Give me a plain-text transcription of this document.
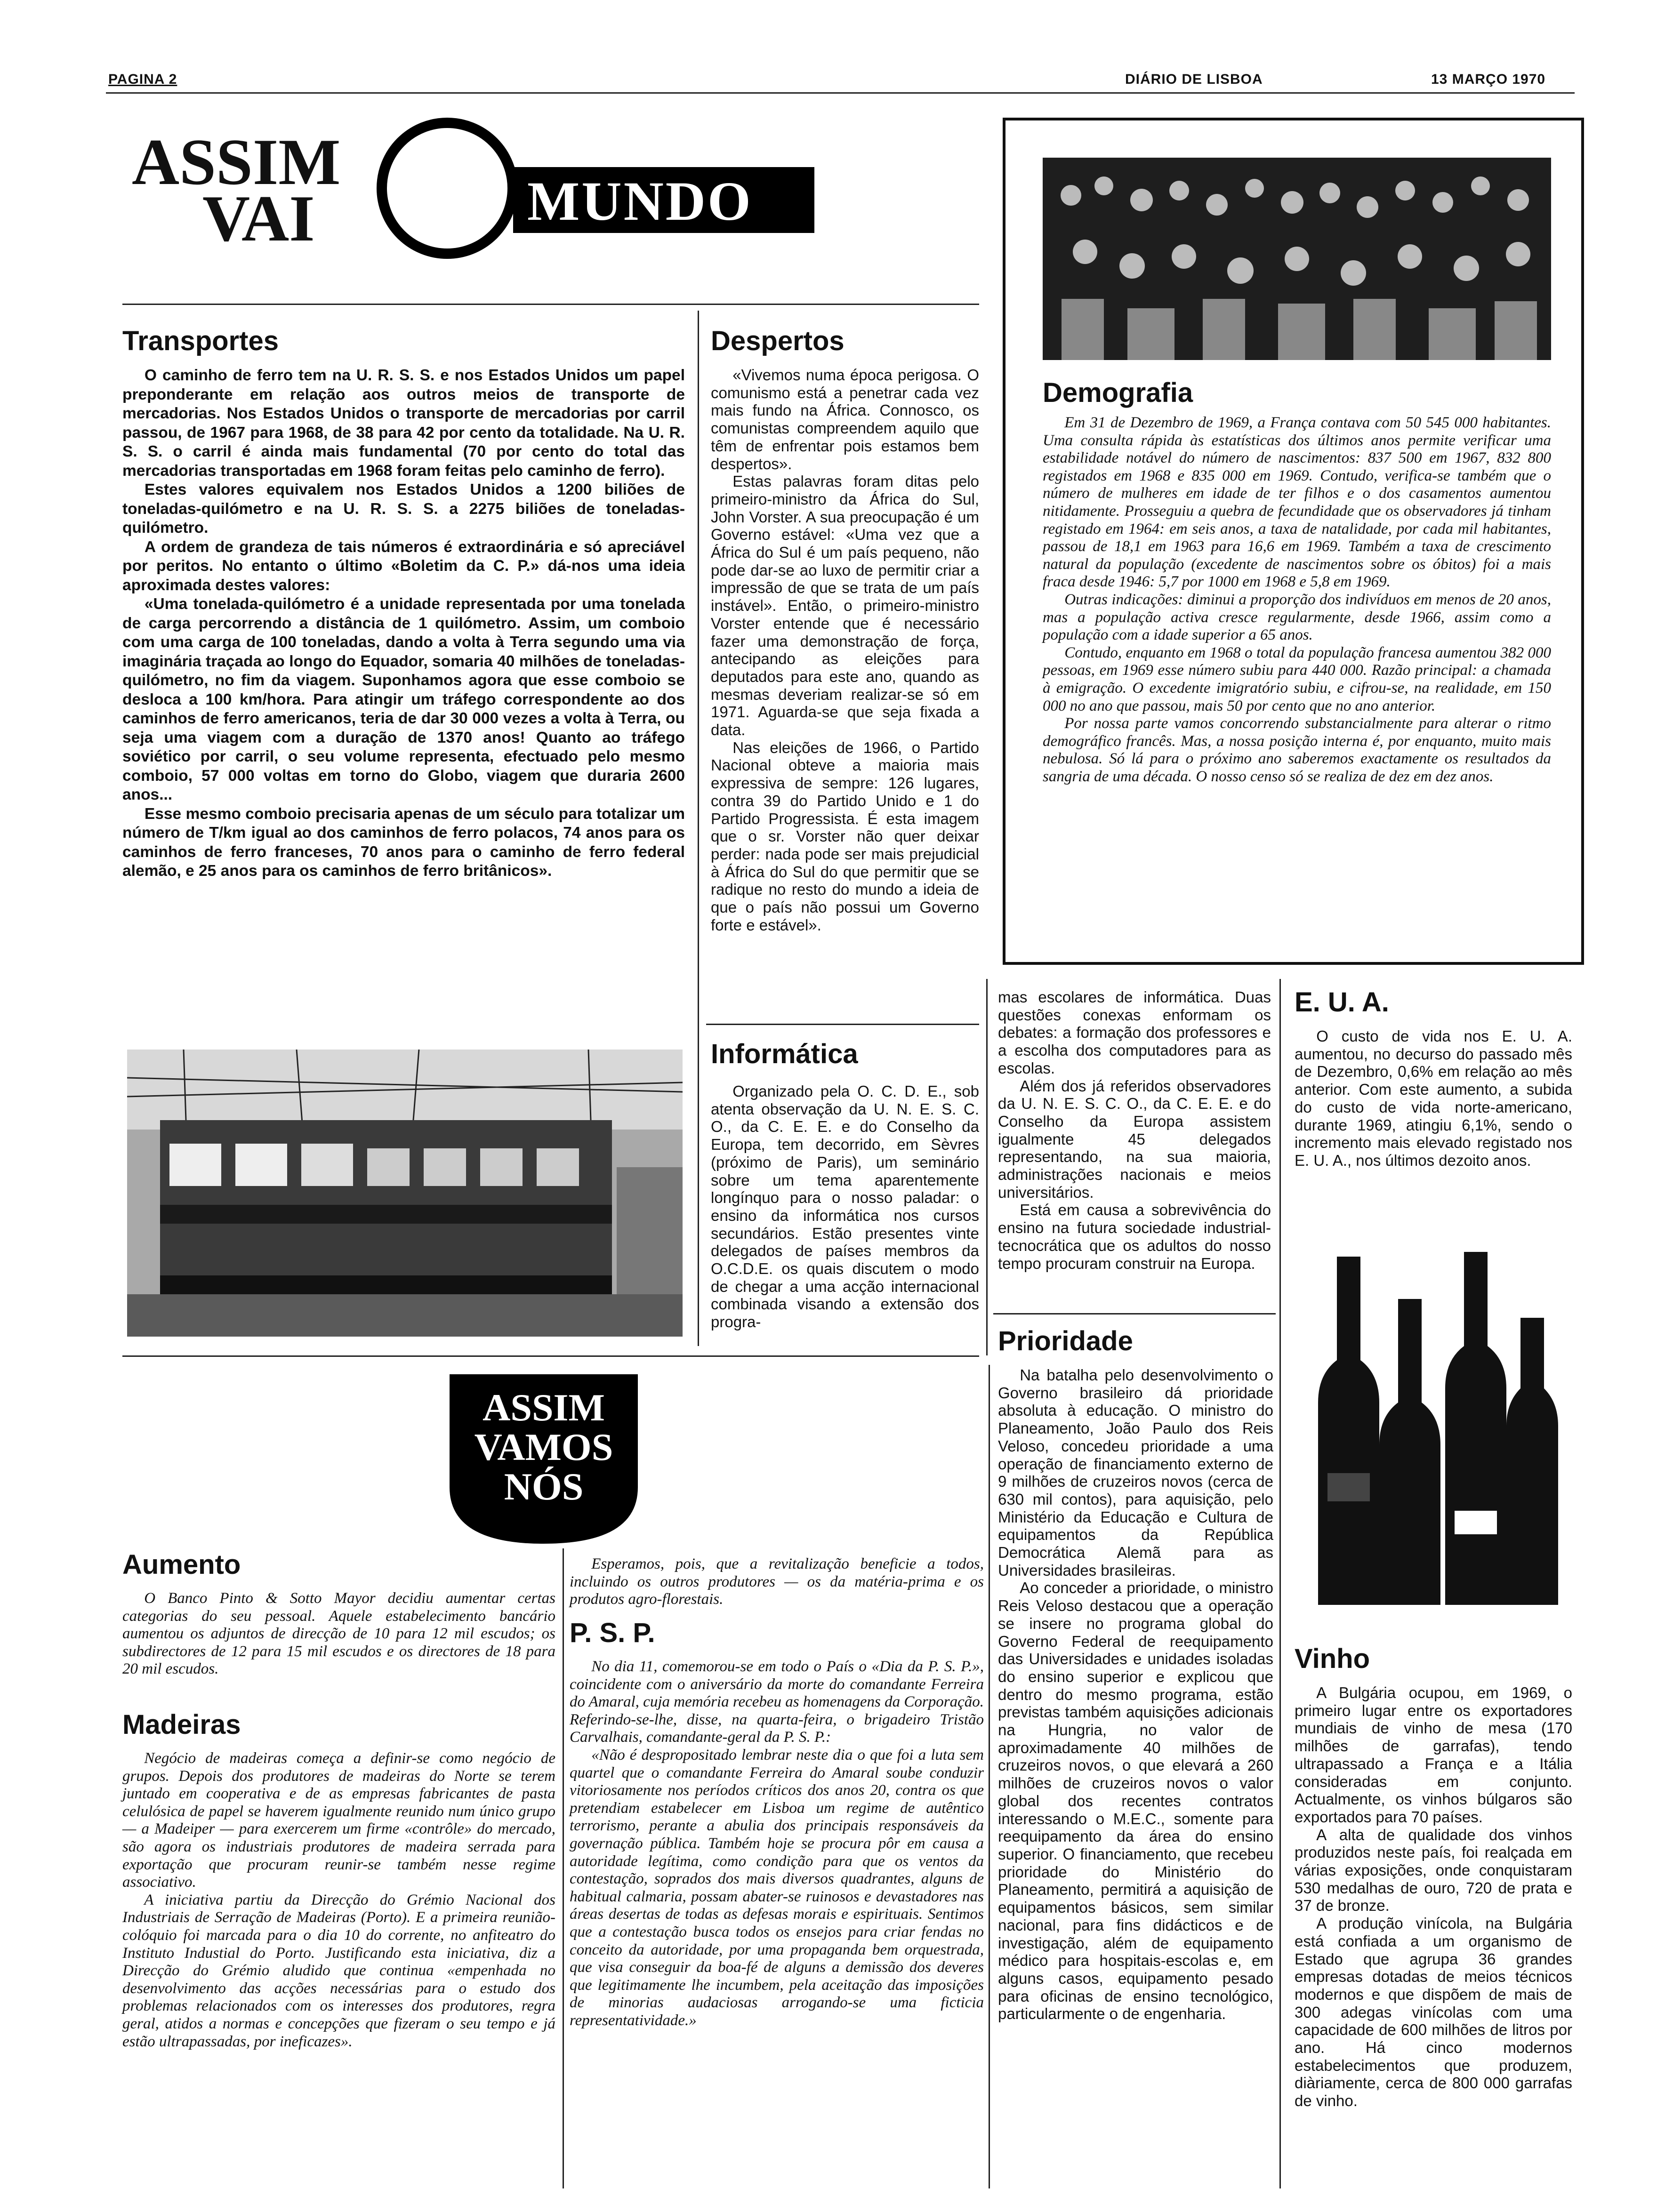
PAGINA 2	DIÁRIO DE LISBOA	13 MARÇO 1970
ASSIM
VAI	MUNDO
Transportes

O caminho de ferro tem na U. R. S. S. e nos Estados Unidos um papel preponderante em relação aos outros meios de transporte de mercadorias. Nos Estados Unidos o transporte de mercadorias por carril passou, de 1967 para 1968, de 38 para 42 por cento da totalidade. Na U. R. S. S. o carril é ainda mais fundamental (70 por cento do total das mercadorias transportadas em 1968 foram feitas pelo caminho de ferro).

Estes valores equivalem nos Estados Unidos a 1200 biliões de toneladas-quilómetro e na U. R. S. S. a 2275 biliões de toneladas-quilómetro.

A ordem de grandeza de tais números é extraordinária e só apreciável por peritos. No entanto o último «Boletim da C. P.» dá-nos uma ideia aproximada destes valores:

«Uma tonelada-quilómetro é a unidade representada por uma tonelada de carga percorrendo a distância de 1 quilómetro. Assim, um comboio com uma carga de 100 toneladas, dando a volta à Terra segundo uma via imaginária traçada ao longo do Equador, somaria 40 milhões de toneladas-quilómetro, no fim da viagem. Suponhamos agora que esse comboio se desloca a 100 km/hora. Para atingir um tráfego correspondente ao dos caminhos de ferro americanos, teria de dar 30 000 vezes a volta à Terra, ou seja uma viagem com a duração de 1370 anos! Quanto ao tráfego soviético por carril, o seu volume representa, efectuado pelo mesmo comboio, 57 000 voltas em torno do Globo, viagem que duraria 2600 anos...

Esse mesmo comboio precisaria apenas de um século para totalizar um número de T/km igual ao dos caminhos de ferro polacos, 74 anos para os caminhos de ferro franceses, 70 anos para o caminho de ferro federal alemão, e 25 anos para os caminhos de ferro britânicos».

Despertos

«Vivemos numa época perigosa. O comunismo está a penetrar cada vez mais fundo na África. Connosco, os comunistas compreendem aquilo que têm de enfrentar pois estamos bem despertos».

Estas palavras foram ditas pelo primeiro-ministro da África do Sul, John Vorster. A sua preocupação é um Governo estável: «Uma vez que a África do Sul é um país pequeno, não pode dar-se ao luxo de permitir criar a impressão de que se trata de um país instável». Então, o primeiro-ministro Vorster entende que é necessário fazer uma demonstração de força, antecipando as eleições para deputados para este ano, quando as mesmas deveriam realizar-se só em 1971. Aguarda-se que seja fixada a data.

Nas eleições de 1966, o Partido Nacional obteve a maioria mais expressiva de sempre: 126 lugares, contra 39 do Partido Unido e 1 do Partido Progressista. É esta imagem que o sr. Vorster não quer deixar perder: nada pode ser mais prejudicial à África do Sul do que permitir que se radique no resto do mundo a ideia de que o país não possui um Governo forte e estável».

Informática

Organizado pela O. C. D. E., sob atenta observação da U. N. E. S. C. O., da C. E. E. e do Conselho da Europa, tem decorrido, em Sèvres (próximo de Paris), um seminário sobre um tema aparentemente longínquo para o nosso paladar: o ensino da informática nos cursos secundários. Estão presentes vinte delegados de países membros da O.C.D.E. os quais discutem o modo de chegar a uma acção internacional combinada visando a extensão dos progra-

mas escolares de informática. Duas questões conexas enformam os debates: a formação dos professores e a escolha dos computadores para as escolas.

Além dos já referidos observadores da U. N. E. S. C. O., da C. E. E. e do Conselho da Europa assistem igualmente 45 delegados representando, na sua maioria, administrações nacionais e meios universitários.

Está em causa a sobrevivência do ensino na futura sociedade industrial-tecnocrática que os adultos do nosso tempo procuram construir na Europa.

Demografia

Em 31 de Dezembro de 1969, a França contava com 50 545 000 habitantes. Uma consulta rápida às estatísticas dos últimos anos permite verificar uma estabilidade notável do número de nascimentos: 837 500 em 1967, 832 800 registados em 1968 e 835 000 em 1969. Contudo, verifica-se também que o número de mulheres em idade de ter filhos e o dos casamentos aumentou nitidamente. Prosseguiu a quebra de fecundidade que os observadores já tinham registado em 1964: em seis anos, a taxa de natalidade, por cada mil habitantes, passou de 18,1 em 1963 para 16,6 em 1969. Também a taxa de crescimento natural da população (excedente de nascimentos sobre os óbitos) foi a mais fraca desde 1946: 5,7 por 1000 em 1968 e 5,8 em 1969.

Outras indicações: diminui a proporção dos indivíduos em menos de 20 anos, mas a população activa cresce regularmente, desde 1966, assim como a população com a idade superior a 65 anos.

Contudo, enquanto em 1968 o total da população francesa aumentou 382 000 pessoas, em 1969 esse número subiu para 440 000. Razão principal: a chamada à emigração. O excedente imigratório subiu, e cifrou-se, na realidade, em 150 000 no ano que passou, mais 50 por cento que no ano anterior.

Por nossa parte vamos concorrendo substancialmente para alterar o ritmo demográfico francês. Mas, a nossa posição interna é, por enquanto, muito mais nebulosa. Só lá para o próximo ano saberemos exactamente os resultados da sangria de uma década. O nosso censo só se realiza de dez em dez anos.

E. U. A.

O custo de vida nos E. U. A. aumentou, no decurso do passado mês de Dezembro, 0,6% em relação ao mês anterior. Com este aumento, a subida do custo de vida norte-americano, durante 1969, atingiu 6,1%, sendo o incremento mais elevado registado nos E. U. A., nos últimos dezoito anos.

Vinho

A Bulgária ocupou, em 1969, o primeiro lugar entre os exportadores mundiais de vinho de mesa (170 milhões de garrafas), tendo ultrapassado a França e a Itália consideradas em conjunto. Actualmente, os vinhos búlgaros são exportados para 70 países.

A alta de qualidade dos vinhos produzidos neste país, foi realçada em várias exposições, onde conquistaram 530 medalhas de ouro, 720 de prata e 37 de bronze.

A produção vinícola, na Bulgária está confiada a um organismo de Estado que agrupa 36 grandes empresas dotadas de meios técnicos modernos e que dispõem de mais de 300 adegas vinícolas com uma capacidade de 600 milhões de litros por ano. Há cinco modernos estabelecimentos que produzem, diàriamente, cerca de 800 000 garrafas de vinho.

Prioridade

Na batalha pelo desenvolvimento o Governo brasileiro dá prioridade absoluta à educação. O ministro do Planeamento, João Paulo dos Reis Veloso, concedeu prioridade a uma operação de financiamento externo de 9 milhões de cruzeiros novos (cerca de 630 mil contos), para aquisição, pelo Ministério da Educação e Cultura de equipamentos da República Democrática Alemã para as Universidades brasileiras.

Ao conceder a prioridade, o ministro Reis Veloso destacou que a operação se insere no programa global do Governo Federal de reequipamento das Universidades e unidades isoladas do ensino superior e explicou que dentro do mesmo programa, estão previstas também aquisições adicionais na Hungria, no valor de aproximadamente 40 milhões de cruzeiros novos, o que elevará a 260 milhões de cruzeiros novos o valor global dos recentes contratos interessando o M.E.C., somente para reequipamento da área do ensino superior. O financiamento, que recebeu prioridade do Ministério do Planeamento, permitirá a aquisição de equipamentos básicos, sem similar nacional, para fins didácticos e de investigação, além de equipamento médico para hospitais-escolas e, em alguns casos, equipamento pesado para oficinas de ensino tecnológico, particularmente o de engenharia.

ASSIM
VAMOS
NÓS
Aumento

O Banco Pinto & Sotto Mayor decidiu aumentar certas categorias do seu pessoal. Aquele estabelecimento bancário aumentou os adjuntos de direcção de 10 para 12 mil escudos; os subdirectores de 12 para 15 mil escudos e os directores de 18 para 20 mil escudos.

Madeiras

Negócio de madeiras começa a definir-se como negócio de grupos. Depois dos produtores de madeiras do Norte se terem juntado em cooperativa e de as empresas fabricantes de pasta celulósica de papel se haverem igualmente reunido num único grupo — a Madeiper — para exercerem um firme «contrôle» do mercado, são agora os industriais produtores de madeira serrada para exportação que procuram reunir-se também nesse regime associativo.

A iniciativa partiu da Direcção do Grémio Nacional dos Industriais de Serração de Madeiras (Porto). E a primeira reunião-colóquio foi marcada para o dia 10 do corrente, no anfiteatro do Instituto Industial do Porto. Justificando esta iniciativa, diz a Direcção do Grémio aludido que continua «empenhada no desenvolvimento das acções necessárias para o estudo dos problemas relacionados com os interesses dos produtores, regra geral, atidos a normas e concepções que fizeram o seu tempo e já estão ultrapassadas, por ineficazes».

Esperamos, pois, que a revitalização beneficie a todos, incluindo os outros produtores — os da matéria-prima e os produtos agro-florestais.

P. S. P.

No dia 11, comemorou-se em todo o País o «Dia da P. S. P.», coincidente com o aniversário da morte do comandante Ferreira do Amaral, cuja memória recebeu as homenagens da Corporação. Referindo-se-lhe, disse, na quarta-feira, o brigadeiro Tristão Carvalhais, comandante-geral da P. S. P.:

«Não é despropositado lembrar neste dia o que foi a luta sem quartel que o comandante Ferreira do Amaral soube conduzir vitoriosamente nos períodos críticos dos anos 20, contra os que pretendiam estabelecer em Lisboa um regime de autêntico terrorismo, perante a abulia dos principais responsáveis da governação pública. Também hoje se procura pôr em causa a autoridade legítima, como condição para que os ventos da contestação, soprados dos mais diversos quadrantes, alguns de habitual calmaria, possam abater-se ruinosos e devastadores nas áreas desertas de todas as defesas morais e espirituais. Sentimos que a contestação busca todos os ensejos para criar fendas no conceito da autoridade, por uma propaganda bem orquestrada, que visa conseguir da boa-fé de alguns a demissão dos deveres que legitimamente lhe incumbem, pela aceitação das imposições de minorias audaciosas arrogando-se uma ficticia representatividade.»
